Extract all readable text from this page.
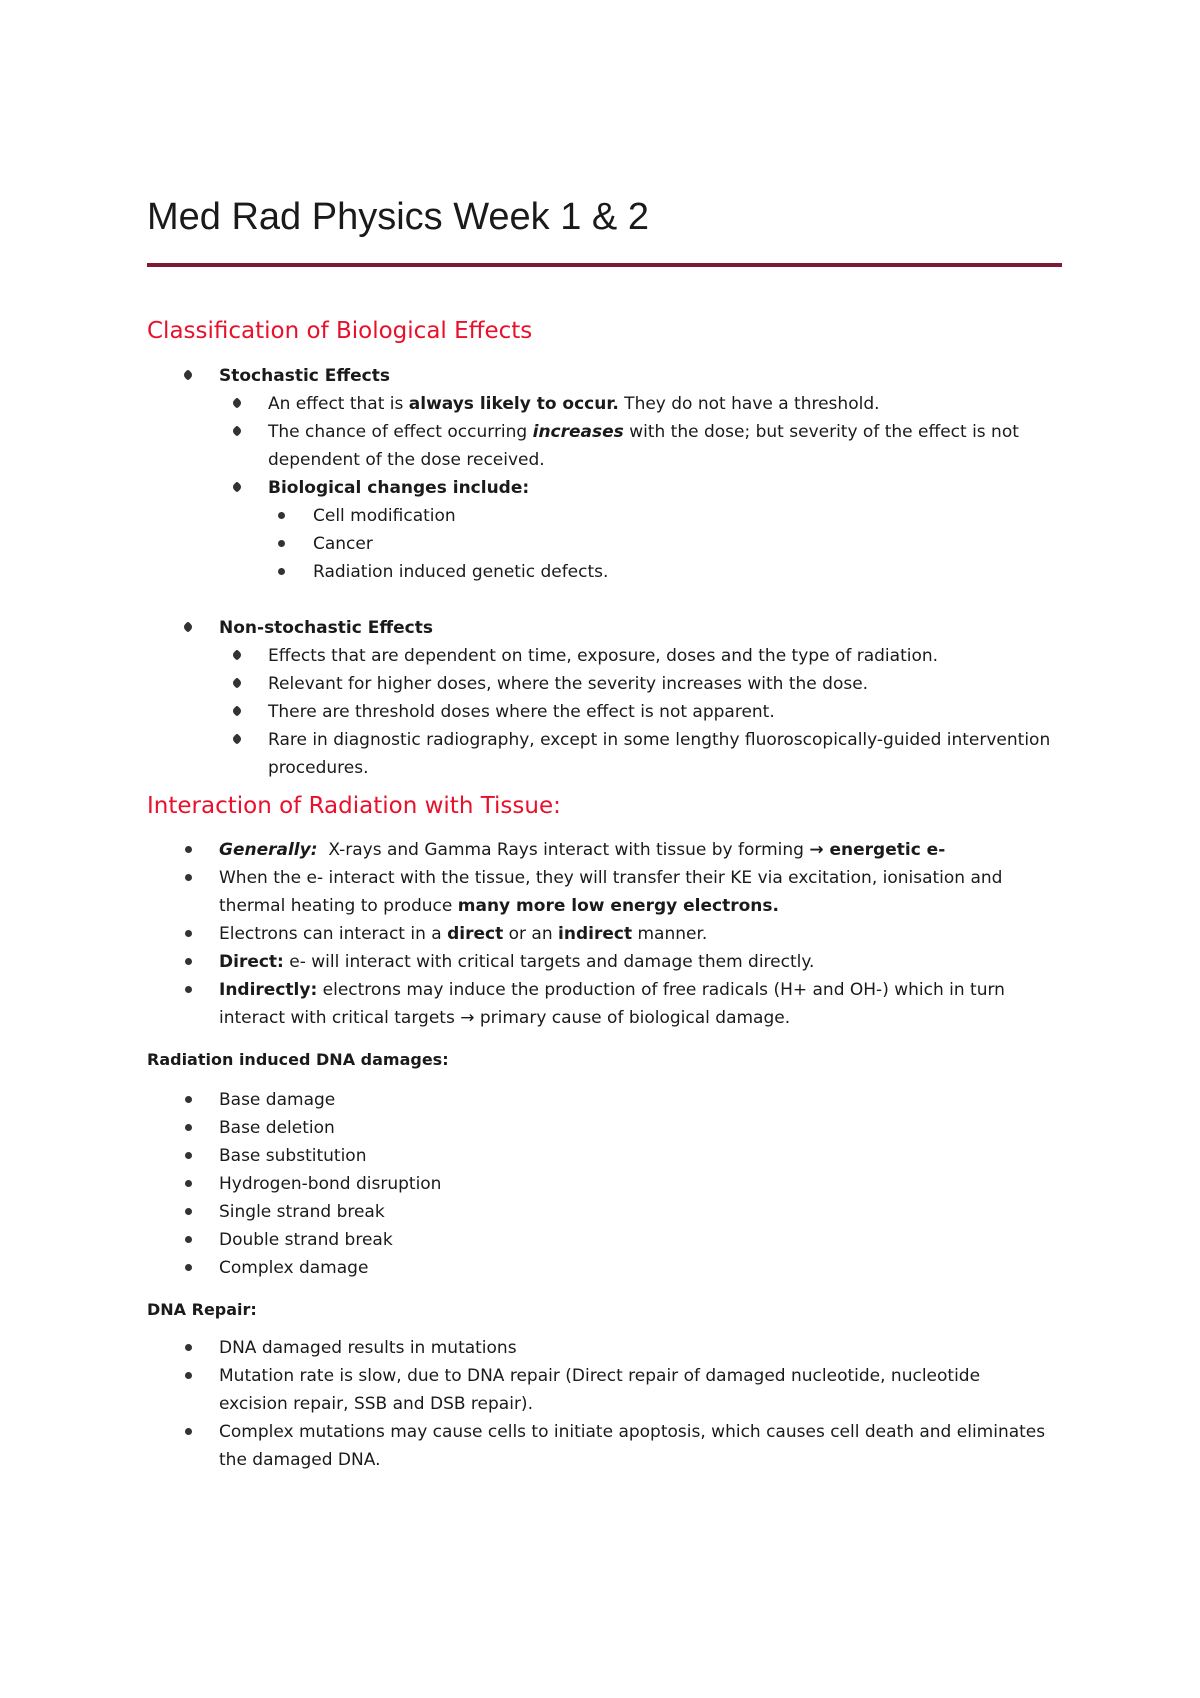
Med Rad Physics Week 1 & 2
Classification of Biological Effects
Stochastic Effects
An effect that is always likely to occur. They do not have a threshold.
The chance of effect occurring increases with the dose; but severity of the effect is not
dependent of the dose received.
Biological changes include:
Cell modification
Cancer
Radiation induced genetic defects.
Non-stochastic Effects
Effects that are dependent on time, exposure, doses and the type of radiation.
Relevant for higher doses, where the severity increases with the dose.
There are threshold doses where the effect is not apparent.
Rare in diagnostic radiography, except in some lengthy fluoroscopically-guided intervention
procedures.
Interaction of Radiation with Tissue:
Generally:  X-rays and Gamma Rays interact with tissue by forming → energetic e-
When the e- interact with the tissue, they will transfer their KE via excitation, ionisation and
thermal heating to produce many more low energy electrons.
Electrons can interact in a direct or an indirect manner.
Direct: e- will interact with critical targets and damage them directly.
Indirectly: electrons may induce the production of free radicals (H+ and OH-) which in turn
interact with critical targets → primary cause of biological damage.
Radiation induced DNA damages:
Base damage
Base deletion
Base substitution
Hydrogen-bond disruption
Single strand break
Double strand break
Complex damage
DNA Repair:
DNA damaged results in mutations
Mutation rate is slow, due to DNA repair (Direct repair of damaged nucleotide, nucleotide
excision repair, SSB and DSB repair).
Complex mutations may cause cells to initiate apoptosis, which causes cell death and eliminates
the damaged DNA.
